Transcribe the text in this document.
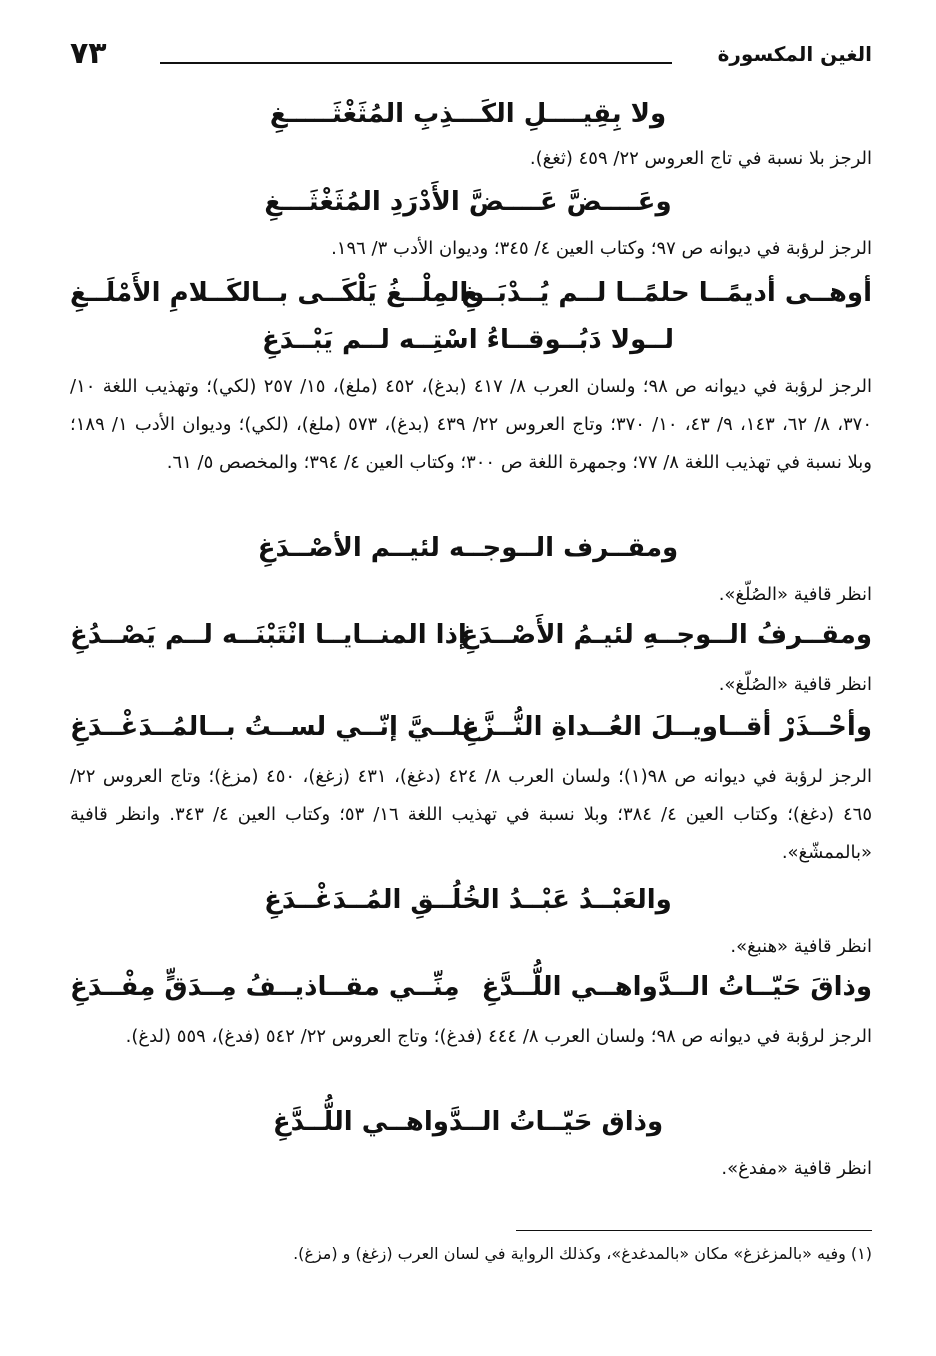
الغين المكسورة
٧٣
ولا بِقِيــــلِ الكَـــذِبِ المُثَغْثَـــــغِ
الرجز بلا نسبة في تاج العروس ٢٢/ ٤٥٩ (ثغغ).
وعَــــضَّ عَــــضَّ الأَدْرَدِ المُثَغْثَـــغِ
الرجز لرؤبة في ديوانه ص ٩٧؛ وكتاب العين ٤/ ٣٤٥؛ وديوان الأدب ٣/ ١٩٦.
أوهــى أديمًــا حلمًــا لــم يُــدْبَــغِ
والمِلْــغُ يَلْكَــى بــالكَــلامِ الأَمْلَــغِ
لــولا دَبُــوقــاءُ اسْتِــه لــم يَبْــدَغِ
الرجز لرؤبة في ديوانه ص ٩٨؛ ولسان العرب ٨/ ٤١٧ (بدغ)، ٤٥٢ (ملغ)، ١٥/ ٢٥٧ (لكي)؛ وتهذيب اللغة ١٠/ ٣٧٠، ٨/ ٦٢، ١٤٣، ٩/ ٤٣، ١٠/ ٣٧٠؛ وتاج العروس ٢٢/ ٤٣٩ (بدغ)، ٥٧٣ (ملغ)، (لكي)؛ وديوان الأدب ١/ ١٨٩؛ وبلا نسبة في تهذيب اللغة ٨/ ٧٧؛ وجمهرة اللغة ص ٣٠٠؛ وكتاب العين ٤/ ٣٩٤؛ والمخصص ٥/ ٦١.
ومقــرف الــوجــه لئيــم الأصْــدَغِ
انظر قافية «الصُلّغ».
ومقــرفُ الــوجــهِ لئيـمُ الأَصْــدَغِ
إذا المنــايــا انْتَبْنَــه لــم يَصْــدُغِ
انظر قافية «الصُلّغ».
وأحْــذَرْ أقــاويــلَ العُــداةِ النُّــزَّغِ
علــيَّ إنّــي لســتُ بــالمُــدَغْــدَغِ
الرجز لرؤبة في ديوانه ص ٩٨(١)؛ ولسان العرب ٨/ ٤٢٤ (دغغ)، ٤٣١ (زغغ)، ٤٥٠ (مزغ)؛ وتاج العروس ٢٢/ ٤٦٥ (دغغ)؛ وكتاب العين ٤/ ٣٨٤؛ وبلا نسبة في تهذيب اللغة ١٦/ ٥٣؛ وكتاب العين ٤/ ٣٤٣. وانظر قافية «بالممشّغ».
والعَبْــدُ عَبْــدُ الخُلُــقِ المُــدَغْــدَغِ
انظر قافية «هنبغ».
وذاقَ حَيّــاتُ الــدَّواهــي اللُّــدَّغِ
مِنِّــي مقــاذيــفُ مِــدَقٍّ مِفْــدَغِ
الرجز لرؤبة في ديوانه ص ٩٨؛ ولسان العرب ٨/ ٤٤٤ (فدغ)؛ وتاج العروس ٢٢/ ٥٤٢ (فدغ)، ٥٥٩ (لدغ).
وذاق حَيّــاتُ الــدَّواهــي اللُّــدَّغِ
انظر قافية «مفدغ».
(١) وفيه «بالمزغزغ» مكان «بالمدغدغ»، وكذلك الرواية في لسان العرب (زغغ) و (مزغ).
